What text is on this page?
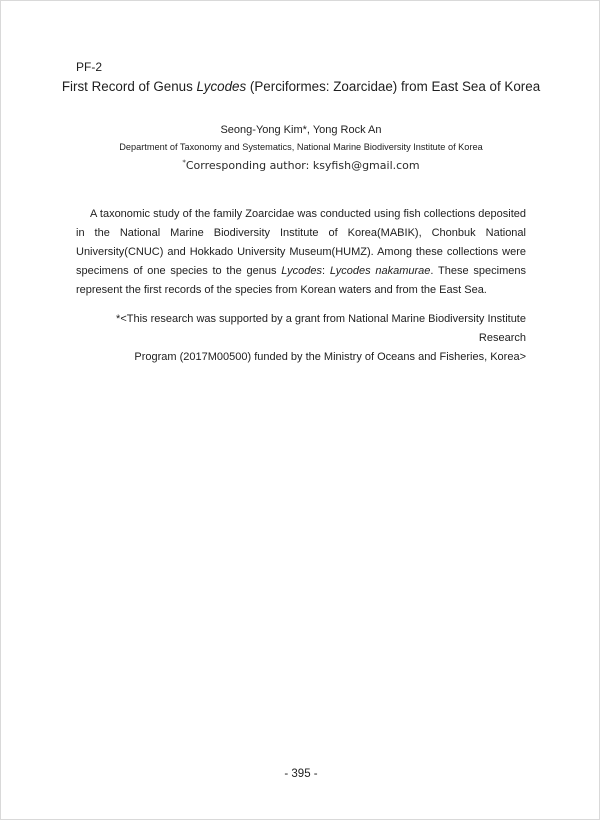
PF-2
First Record of Genus Lycodes (Perciformes: Zoarcidae) from East Sea of Korea
Seong-Yong Kim*, Yong Rock An
Department of Taxonomy and Systematics, National Marine Biodiversity Institute of Korea
*Corresponding author: ksyfish@gmail.com

A taxonomic study of the family Zoarcidae was conducted using fish collections deposited in the National Marine Biodiversity Institute of Korea(MABIK), Chonbuk National University(CNUC) and Hokkado University Museum(HUMZ). Among these collections were specimens of one species to the genus Lycodes: Lycodes nakamurae. These specimens represent the first records of the species from Korean waters and from the East Sea.

*<This research was supported by a grant from National Marine Biodiversity Institute Research
Program (2017M00500) funded by the Ministry of Oceans and Fisheries, Korea>
- 395 -
